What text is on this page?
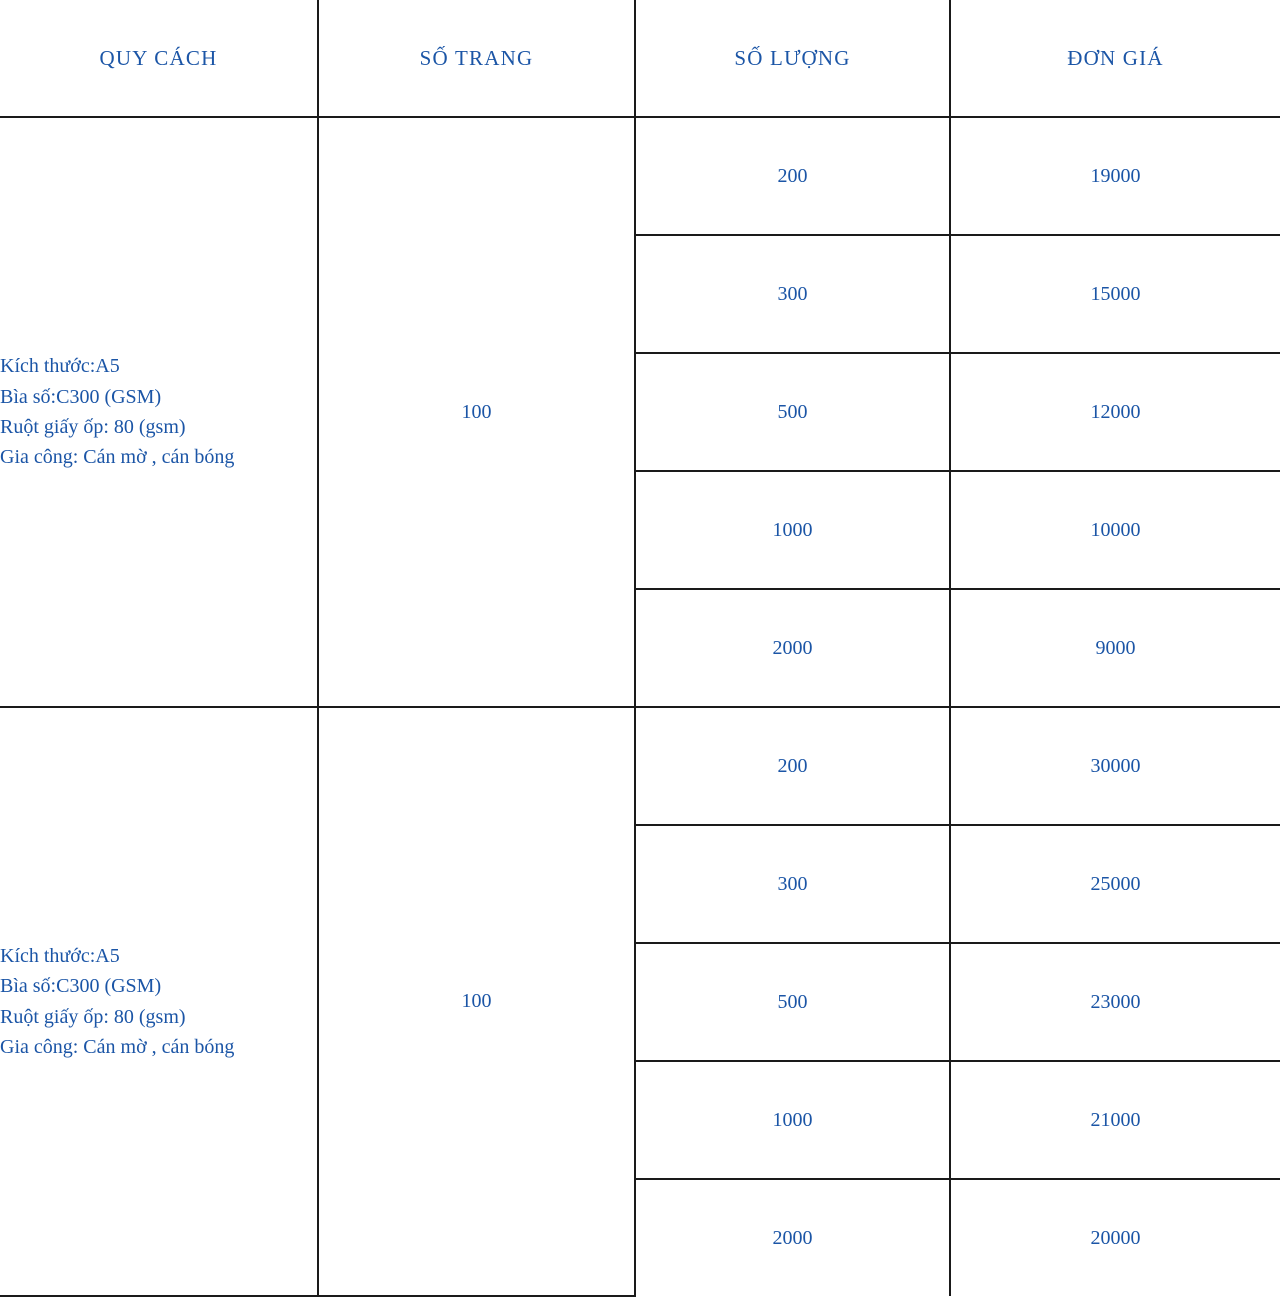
QUY CÁCH	SỐ TRANG	SỐ LƯỢNG	ĐƠN GIÁ

Kích thước:A5
Bìa số:C300 (GSM)
Ruột giấy ốp: 80 (gsm)
Gia công: Cán mờ , cán bóng	100	200	19000
		300	15000
		500	12000
		1000	10000
		2000	9000

Kích thước:A5
Bìa số:C300 (GSM)
Ruột giấy ốp: 80 (gsm)
Gia công: Cán mờ , cán bóng	100	200	30000
		300	25000
		500	23000
		1000	21000
		2000	20000
